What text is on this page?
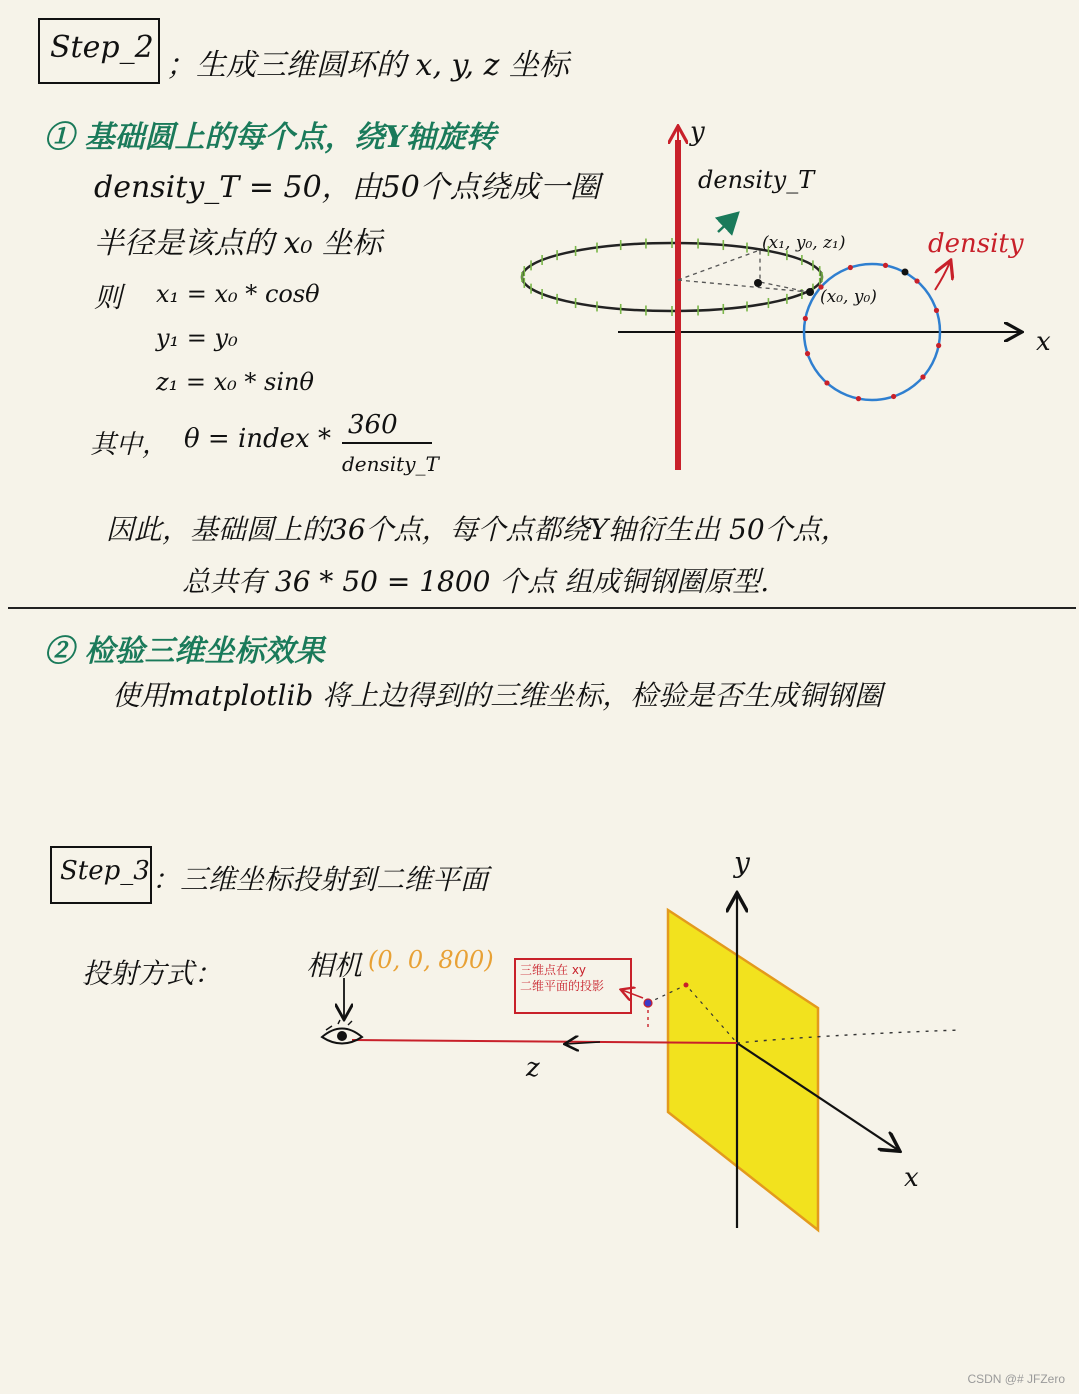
Step_2
；生成三维圆环的 x, y, z 坐标
① 基础圆上的每个点，绕Y轴旋转
density_T = 50，由50个点绕成一圈
半径是该点的 x₀ 坐标
则 x₁ = x₀ * cosθ
y₁ = y₀
z₁ = x₀ * sinθ
其中， θ = index * 360
density_T
因此，基础圆上的36个点，每个点都绕Y轴衍生出 50个点，
总共有 36 * 50 = 1800 个点 组成铜钢圈原型.
② 检验三维坐标效果
使用matplotlib 将上边得到的三维坐标，检验是否生成铜钢圈
Step_3 ：三维坐标投射到二维平面
投射方式：	相机 (0, 0, 800) 三维点在 xy
二维平面的投影
y
x
density_T
density
(x₁, y₀, z₁)
(x₀, y₀)
y
x
z
CSDN @# JFZero
